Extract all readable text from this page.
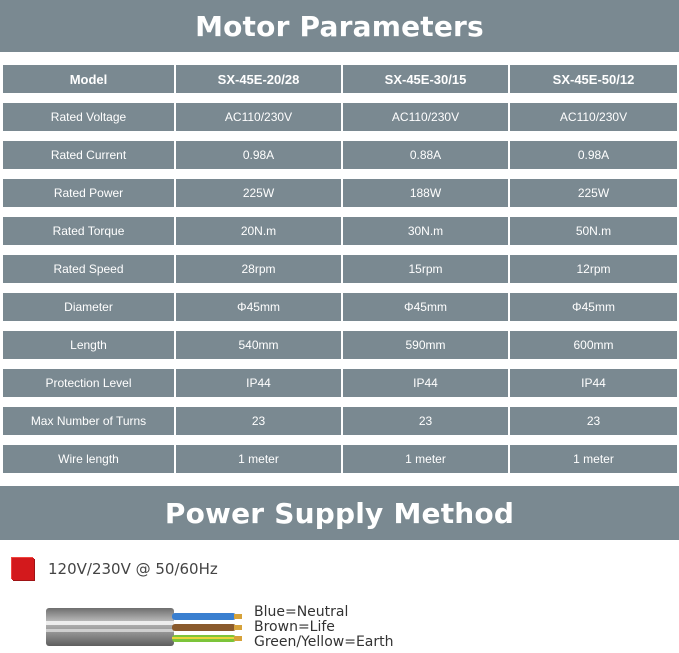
Motor Parameters
Model	SX-45E-20/28	SX-45E-30/15	SX-45E-50/12
Rated Voltage	AC110/230V	AC110/230V	AC110/230V
Rated Current	0.98A	0.88A	0.98A
Rated Power	225W	188W	225W
Rated Torque	20N.m	30N.m	50N.m
Rated Speed	28rpm	15rpm	12rpm
Diameter	Φ45mm	Φ45mm	Φ45mm
Length	540mm	590mm	600mm
Protection Level	IP44	IP44	IP44
Max Number of Turns	23	23	23
Wire length	1 meter	1 meter	1 meter
Power Supply Method
120V/230V @ 50/60Hz
Blue=Neutral
Brown=Life
Green/Yellow=Earth
